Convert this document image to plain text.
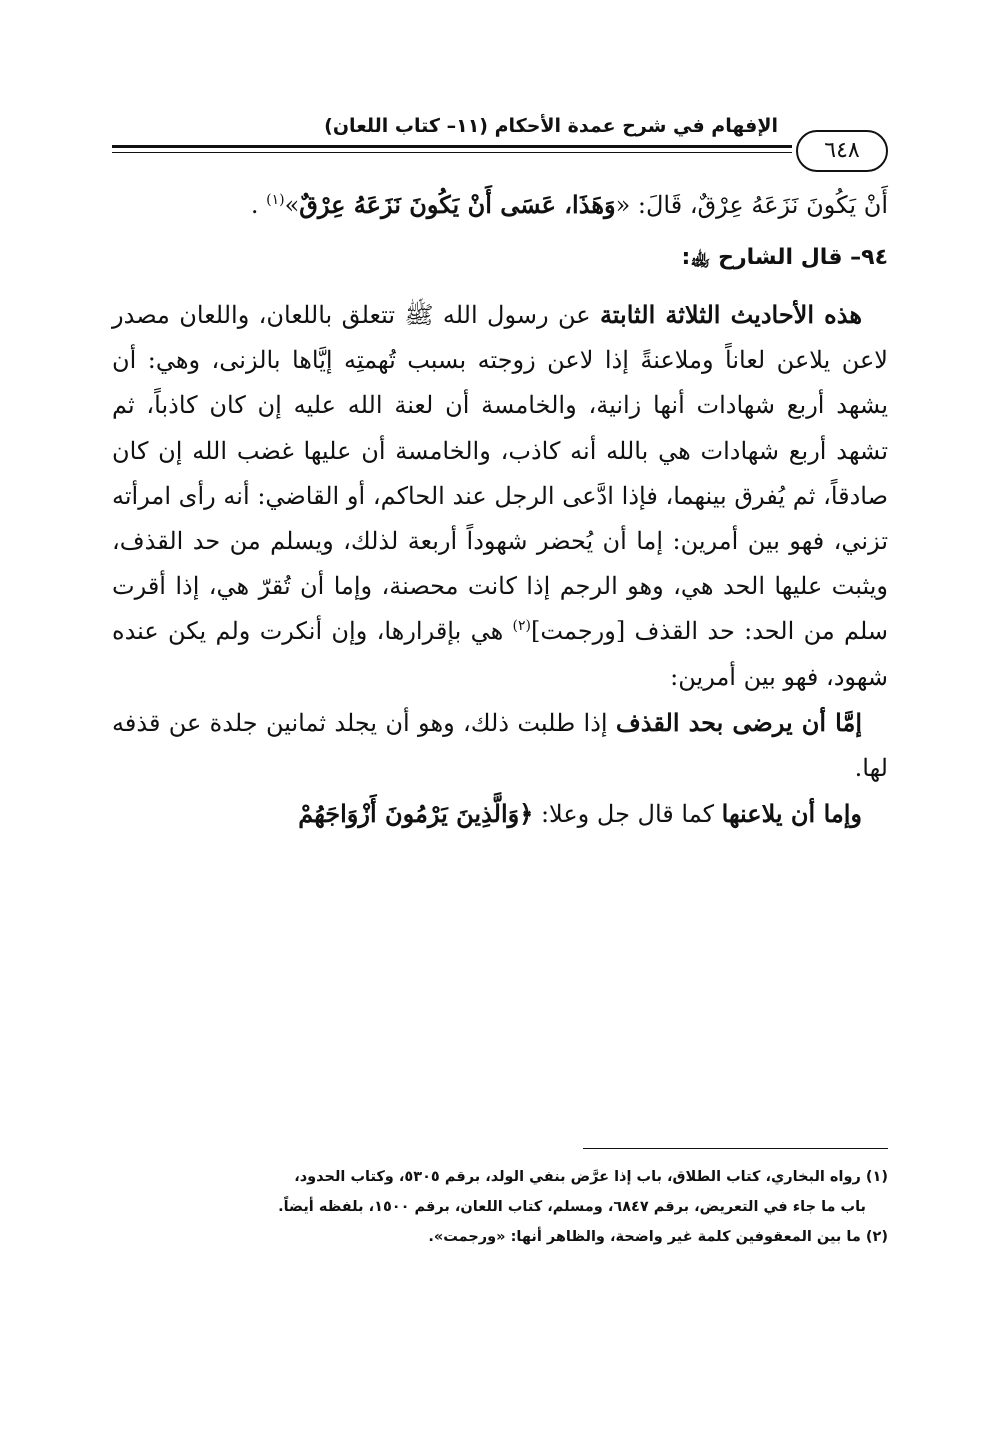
الإفهام في شرح عمدة الأحكام (١١– كتاب اللعان)
٦٤٨

أَنْ يَكُونَ نَزَعَهُ عِرْقٌ، قَالَ: «وَهَذَا، عَسَى أَنْ يَكُونَ نَزَعَهُ عِرْقٌ»$^{(١)}$ .

٩٤– قال الشارح ﵀:

هذه الأحاديث الثلاثة الثابتة عن رسول الله ﷺ تتعلق باللعان، واللعان مصدر لاعن يلاعن لعاناً وملاعنةً إذا لاعن زوجته بسبب تُهمتِه إيَّاها بالزنى، وهي: أن يشهد أربع شهادات أنها زانية، والخامسة أن لعنة الله عليه إن كان كاذباً، ثم تشهد أربع شهادات هي بالله أنه كاذب، والخامسة أن عليها غضب الله إن كان صادقاً، ثم يُفرق بينهما، فإذا ادَّعى الرجل عند الحاكم، أو القاضي: أنه رأى امرأته تزني، فهو بين أمرين: إما أن يُحضر شهوداً أربعة لذلك، ويسلم من حد القذف، ويثبت عليها الحد هي، وهو الرجم إذا كانت محصنة، وإما أن تُقرّ هي، إذا أقرت سلم من الحد: حد القذف [ورجمت]$^{(٢)}$ هي بإقرارها، وإن أنكرت ولم يكن عنده شهود، فهو بين أمرين:

إمَّا أن يرضى بحد القذف إذا طلبت ذلك، وهو أن يجلد ثمانين جلدة عن قذفه لها.

وإما أن يلاعنها كما قال جل وعلا: ﴿وَالَّذِينَ يَرْمُونَ أَزْوَاجَهُمْ

(١) رواه البخاري، كتاب الطلاق، باب إذا عرَّض بنفي الولد، برقم ٥٣٠٥، وكتاب الحدود،

باب ما جاء في التعريض، برقم ٦٨٤٧، ومسلم، كتاب اللعان، برقم ١٥٠٠، بلفظه أيضاً.

(٢) ما بين المعقوفين كلمة غير واضحة، والظاهر أنها: «ورجمت».
